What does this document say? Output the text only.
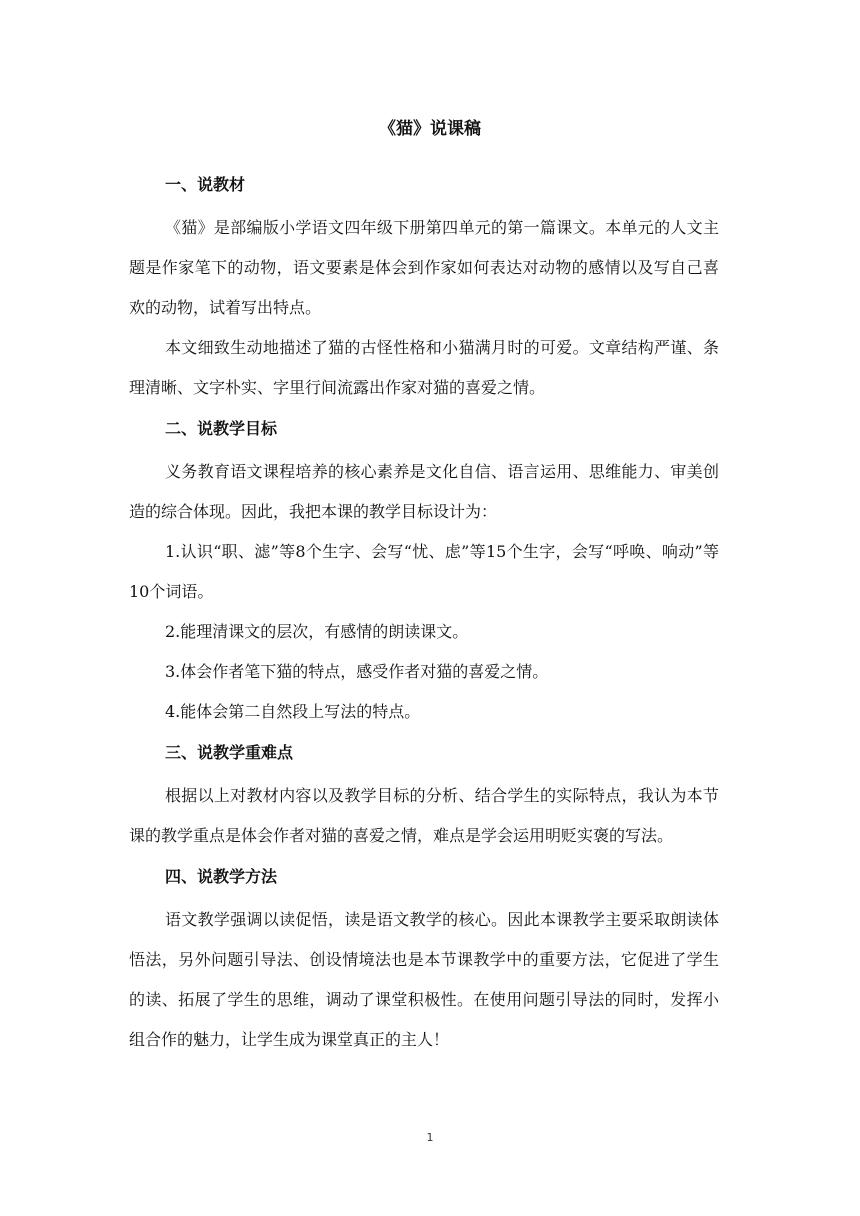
《猫》说课稿
一、说教材

《猫》是部编版小学语文四年级下册第四单元的第一篇课文。本单元的人文主题是作家笔下的动物，语文要素是体会到作家如何表达对动物的感情以及写自己喜欢的动物，试着写出特点。

本文细致生动地描述了猫的古怪性格和小猫满月时的可爱。文章结构严谨、条理清晰、文字朴实、字里行间流露出作家对猫的喜爱之情。

二、说教学目标

义务教育语文课程培养的核心素养是文化自信、语言运用、思维能力、审美创造的综合体现。因此，我把本课的教学目标设计为：

1.认识“职、滤”等8个生字、会写“忧、虑”等15个生字，会写“呼唤、响动”等10个词语。

2.能理清课文的层次，有感情的朗读课文。

3.体会作者笔下猫的特点，感受作者对猫的喜爱之情。

4.能体会第二自然段上写法的特点。

三、说教学重难点

根据以上对教材内容以及教学目标的分析、结合学生的实际特点，我认为本节课的教学重点是体会作者对猫的喜爱之情，难点是学会运用明贬实褒的写法。

四、说教学方法

语文教学强调以读促悟，读是语文教学的核心。因此本课教学主要采取朗读体悟法，另外问题引导法、创设情境法也是本节课教学中的重要方法，它促进了学生的读、拓展了学生的思维，调动了课堂积极性。在使用问题引导法的同时，发挥小组合作的魅力，让学生成为课堂真正的主人！

1
